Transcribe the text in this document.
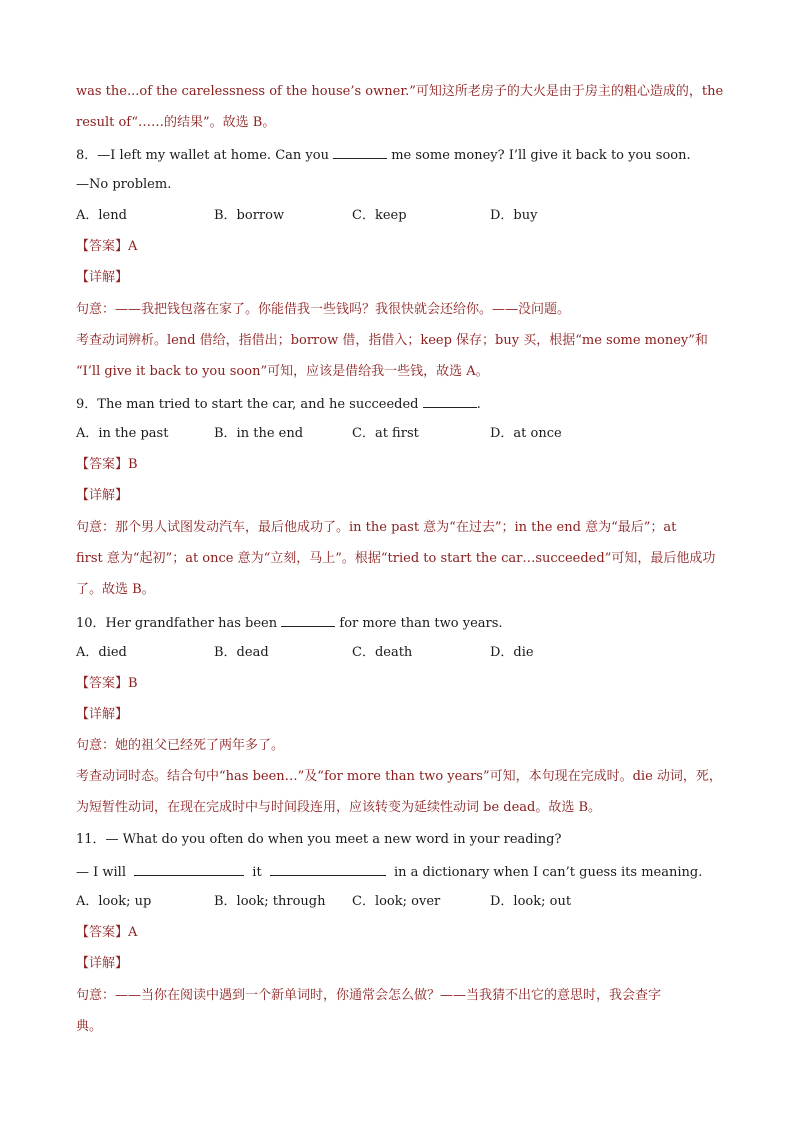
was the...of the carelessness of the house’s owner.”可知这所老房子的大火是由于房主的粗心造成的，the
result of“……的结果”。故选 B。
8．—I left my wallet at home. Can you	me some money? I’ll give it back to you soon.
—No problem.
A．lend	B．borrow	C．keep	D．buy
【答案】A
【详解】
句意：——我把钱包落在家了。你能借我一些钱吗？我很快就会还给你。——没问题。
考查动词辨析。lend 借给，指借出；borrow 借，指借入；keep 保存；buy 买，根据“me some money”和
“I’ll give it back to you soon”可知，应该是借给我一些钱，故选 A。
9．The man tried to start the car, and he succeeded	.
A．in the past	B．in the end	C．at first	D．at once
【答案】B
【详解】
句意：那个男人试图发动汽车，最后他成功了。in the past 意为“在过去”；in the end 意为“最后”；at
first 意为“起初”；at once 意为“立刻，马上”。根据“tried to start the car…succeeded”可知，最后他成功
了。故选 B。
10．Her grandfather has been	for more than two years.
A．died	B．dead	C．death	D．die
【答案】B
【详解】
句意：她的祖父已经死了两年多了。
考查动词时态。结合句中“has been…”及“for more than two years”可知，本句现在完成时。die 动词，死，
为短暂性动词，在现在完成时中与时间段连用，应该转变为延续性动词 be dead。故选 B。
11．— What do you often do when you meet a new word in your reading?
— I will	it	in a dictionary when I can’t guess its meaning.
A．look; up	B．look; through C．look; over	D．look; out
【答案】A
【详解】
句意：——当你在阅读中遇到一个新单词时，你通常会怎么做？——当我猜不出它的意思时，我会查字
典。
